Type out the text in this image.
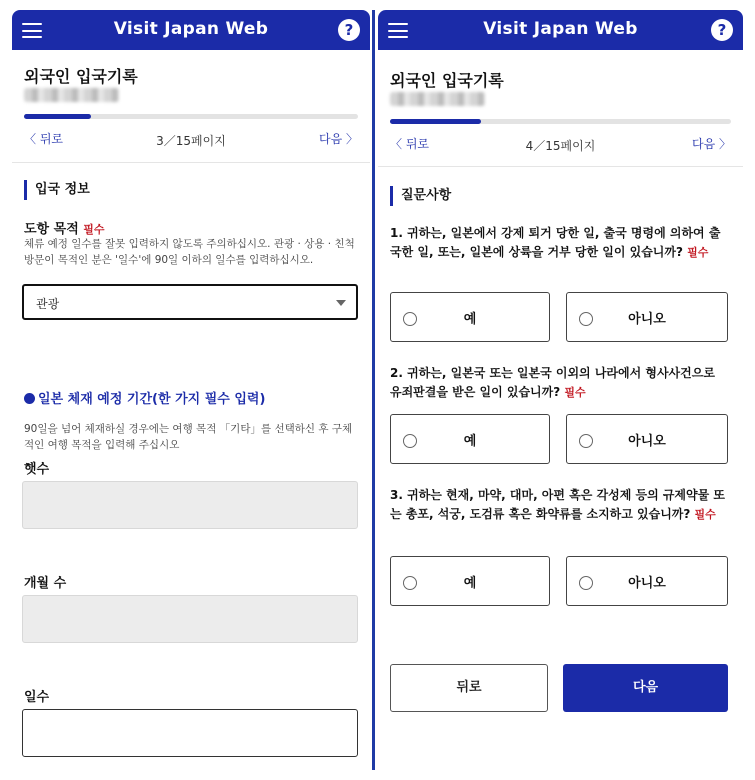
Visit Japan Web	?
외국인 입국기록
〈 뒤로	3／15페이지	다음 〉
입국 정보
도항 목적 필수
체류 예정 일수를 잘못 입력하지 않도록 주의하십시오. 관광 · 상용 · 친척 방문이 목적인 분은 '일수'에 90일 이하의 일수를 입력하십시오.
관광
일본 체재 예정 기간(한 가지 필수 입력)
90일을 넘어 체재하실 경우에는 여행 목적 「기타」를 선택하신 후 구체적인 여행 목적을 입력해 주십시오
햇수
개월 수
일수
Visit Japan Web	?
외국인 입국기록
〈 뒤로	4／15페이지	다음 〉
질문사항
1. 귀하는, 일본에서 강제 퇴거 당한 일, 출국 명령에 의하여 출국한 일, 또는, 일본에 상륙을 거부 당한 일이 있습니까? 필수
예	아니오
2. 귀하는, 일본국 또는 일본국 이외의 나라에서 형사사건으로 유죄판결을 받은 일이 있습니까? 필수
예	아니오
3. 귀하는 현재, 마약, 대마, 아편 혹은 각성제 등의 규제약물 또는 총포, 석궁, 도검류 혹은 화약류를 소지하고 있습니까? 필수
예	아니오
뒤로	다음
